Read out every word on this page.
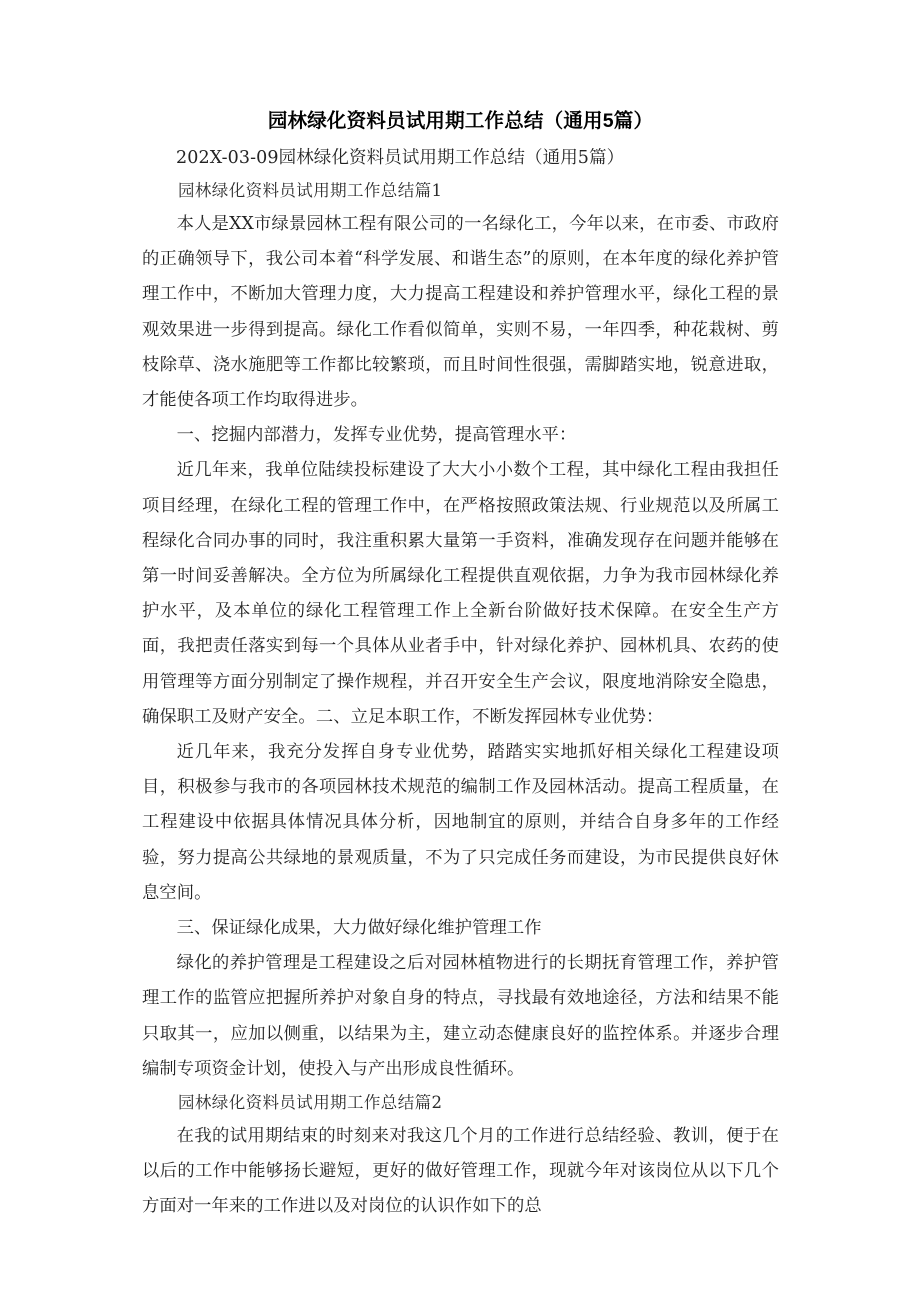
园林绿化资料员试用期工作总结（通用5篇）

202X-03-09园林绿化资料员试用期工作总结（通用5篇）

园林绿化资料员试用期工作总结篇1

本人是XX市绿景园林工程有限公司的一名绿化工，今年以来，在市委、市政府的正确领导下，我公司本着“科学发展、和谐生态”的原则，在本年度的绿化养护管理工作中，不断加大管理力度，大力提高工程建设和养护管理水平，绿化工程的景观效果进一步得到提高。绿化工作看似简单，实则不易，一年四季，种花栽树、剪枝除草、浇水施肥等工作都比较繁琐，而且时间性很强，需脚踏实地，锐意进取，才能使各项工作均取得进步。

一、挖掘内部潜力，发挥专业优势，提高管理水平：

近几年来，我单位陆续投标建设了大大小小数个工程，其中绿化工程由我担任项目经理，在绿化工程的管理工作中，在严格按照政策法规、行业规范以及所属工程绿化合同办事的同时，我注重积累大量第一手资料，准确发现存在问题并能够在第一时间妥善解决。全方位为所属绿化工程提供直观依据，力争为我市园林绿化养护水平，及本单位的绿化工程管理工作上全新台阶做好技术保障。在安全生产方面，我把责任落实到每一个具体从业者手中，针对绿化养护、园林机具、农药的使用管理等方面分别制定了操作规程，并召开安全生产会议，限度地消除安全隐患，确保职工及财产安全。二、立足本职工作，不断发挥园林专业优势：

近几年来，我充分发挥自身专业优势，踏踏实实地抓好相关绿化工程建设项目，积极参与我市的各项园林技术规范的编制工作及园林活动。提高工程质量，在工程建设中依据具体情况具体分析，因地制宜的原则，并结合自身多年的工作经验，努力提高公共绿地的景观质量，不为了只完成任务而建设，为市民提供良好休息空间。

三、保证绿化成果，大力做好绿化维护管理工作

绿化的养护管理是工程建设之后对园林植物进行的长期抚育管理工作，养护管理工作的监管应把握所养护对象自身的特点，寻找最有效地途径，方法和结果不能只取其一，应加以侧重，以结果为主，建立动态健康良好的监控体系。并逐步合理编制专项资金计划，使投入与产出形成良性循环。

园林绿化资料员试用期工作总结篇2

在我的试用期结束的时刻来对我这几个月的工作进行总结经验、教训，便于在以后的工作中能够扬长避短，更好的做好管理工作，现就今年对该岗位从以下几个方面对一年来的工作进以及对岗位的认识作如下的总
